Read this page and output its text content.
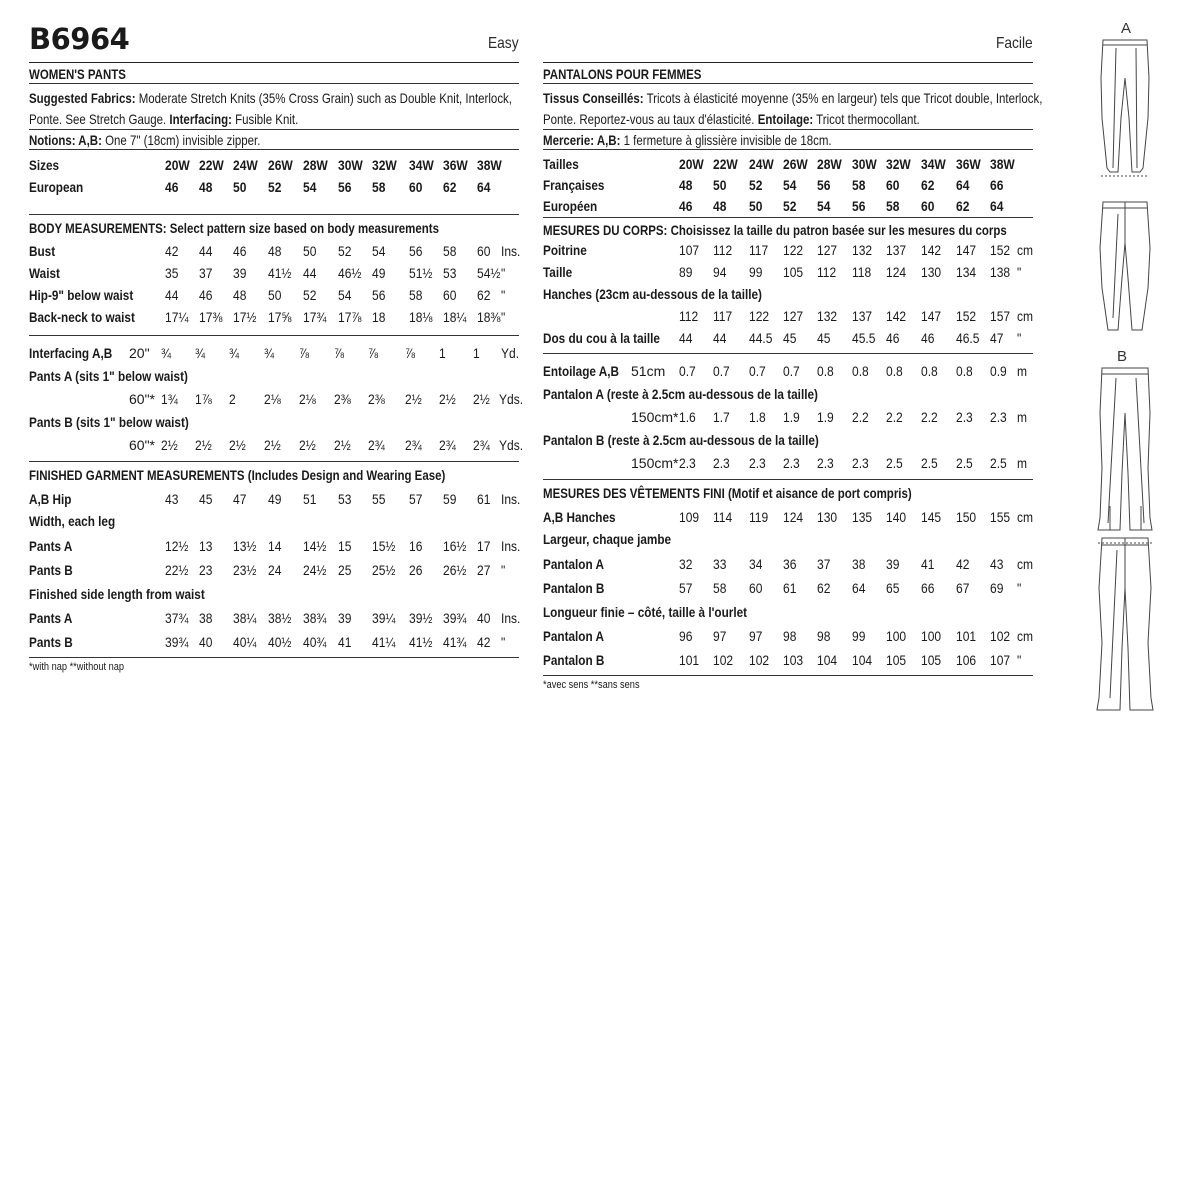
B6964	Easy
WOMEN'S PANTS
Suggested Fabrics: Moderate Stretch Knits (35% Cross Grain) such as Double Knit, Interlock,
Ponte. See Stretch Gauge. Interfacing: Fusible Knit.
Notions: A,B: One 7" (18cm) invisible zipper.
Sizes	20W 22W 24W 26W 28W 30W 32W 34W 36W 38W
European	46 48 50 52 54 56 58 60 62 64
BODY MEASUREMENTS: Select pattern size based on body measurements
Bust	42 44 46 48 50 52 54 56 58 60 Ins.
Waist	35 37 39 41½ 44 46½ 49 51½ 53 54½ "
Hip-9" below waist 44 46 48 50 52 54 56 58 60 62 "
Back-neck to waist 17¼ 17⅜ 17½ 17⅝ 17¾ 17⅞ 18 18⅛ 18¼ 18⅜ "
Interfacing A,B 20" ¾ ¾ ¾ ¾ ⅞ ⅞ ⅞ ⅞ 1 1 Yd.
Pants A (sits 1" below waist)
60"* 1¾ 1⅞ 2 2⅛ 2⅛ 2⅜ 2⅜ 2½ 2½ 2½ Yds.
Pants B (sits 1" below waist)
60"* 2½ 2½ 2½ 2½ 2½ 2½ 2¾ 2¾ 2¾ 2¾ Yds.
FINISHED GARMENT MEASUREMENTS (Includes Design and Wearing Ease)
A,B Hip	43 45 47 49 51 53 55 57 59 61 Ins.
Width, each leg
Pants A	12½ 13 13½ 14 14½ 15 15½ 16 16½ 17 Ins.
Pants B	22½ 23 23½ 24 24½ 25 25½ 26 26½ 27 "
Finished side length from waist
Pants A	37¾ 38 38¼ 38½ 38¾ 39 39¼ 39½ 39¾ 40 Ins.
Pants B	39¾ 40 40¼ 40½ 40¾ 41 41¼ 41½ 41¾ 42 "
*with nap **without nap
Facile
PANTALONS POUR FEMMES
Tissus Conseillés: Tricots à élasticité moyenne (35% en largeur) tels que Tricot double, Interlock,
Ponte. Reportez-vous au taux d'élasticité. Entoilage: Tricot thermocollant.
Mercerie: A,B: 1 fermeture à glissière invisible de 18cm.
Tailles	20W 22W 24W 26W 28W 30W 32W 34W 36W 38W
Françaises	48 50 52 54 56 58 60 62 64 66
Européen	46 48 50 52 54 56 58 60 62 64
MESURES DU CORPS: Choisissez la taille du patron basée sur les mesures du corps
Poitrine	107 112 117 122 127 132 137 142 147 152 cm
Taille	89 94 99 105 112 118 124 130 134 138 "
Hanches (23cm au-dessous de la taille)
112 117 122 127 132 137 142 147 152 157 cm
Dos du cou à la taille 44 44 44.5 45 45 45.5 46 46 46.5 47 "
Entoilage A,B 51cm 0.7 0.7 0.7 0.7 0.8 0.8 0.8 0.8 0.8 0.9 m
Pantalon A (reste à 2.5cm au-dessous de la taille)
150cm* 1.6 1.7 1.8 1.9 1.9 2.2 2.2 2.2 2.3 2.3 m
Pantalon B (reste à 2.5cm au-dessous de la taille)
150cm* 2.3 2.3 2.3 2.3 2.3 2.3 2.5 2.5 2.5 2.5 m
MESURES DES VÊTEMENTS FINI (Motif et aisance de port compris)
A,B Hanches	109 114 119 124 130 135 140 145 150 155 cm
Largeur, chaque jambe
Pantalon A	32 33 34 36 37 38 39 41 42 43 cm
Pantalon B	57 58 60 61 62 64 65 66 67 69 "
Longueur finie – côté, taille à l'ourlet
Pantalon A	96 97 97 98 98 99 100 100 101 102 cm
Pantalon B	101 102 102 103 104 104 105 105 106 107 "
*avec sens **sans sens
A
B
